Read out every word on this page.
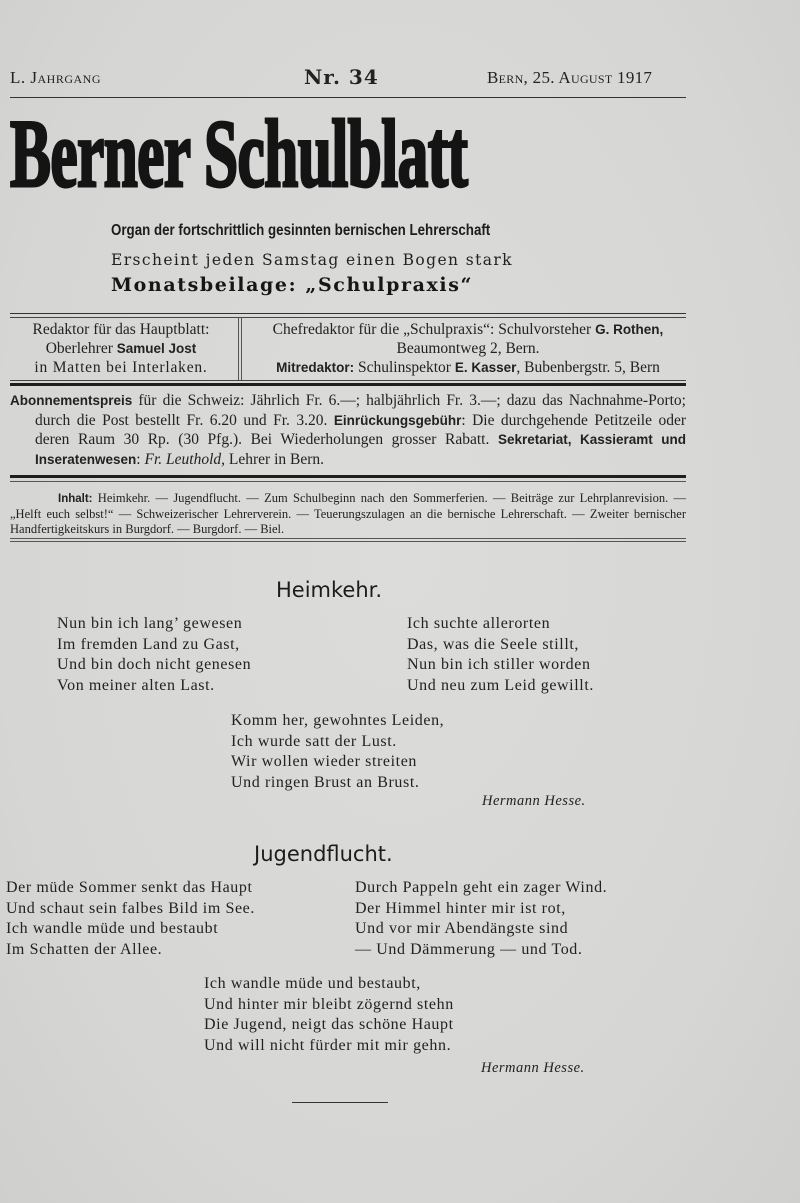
L. Jahrgang	Nr. 34	Bern, 25. August 1917
Berner Schulblatt
Organ der fortschrittlich gesinnten bernischen Lehrerschaft
Erscheint jeden Samstag einen Bogen stark
Monatsbeilage: „Schulpraxis“
Redaktor für das Hauptblatt:
Oberlehrer Samuel Jost
in Matten bei Interlaken.
Chefredaktor für die „Schulpraxis“: Schulvorsteher G. Rothen,
Beaumontweg 2, Bern.
Mitredaktor: Schulinspektor E. Kasser, Bubenbergstr. 5, Bern

Abonnementspreis für die Schweiz: Jährlich Fr. 6.—; halbjährlich Fr. 3.—; dazu das Nachnahme-Porto; durch die Post bestellt Fr. 6.20 und Fr. 3.20. Einrückungsgebühr: Die durchgehende Petitzeile oder deren Raum 30 Rp. (30 Pfg.). Bei Wiederholungen grosser Rabatt. Sekretariat, Kassieramt und Inseratenwesen: Fr. Leuthold, Lehrer in Bern.

Inhalt: Heimkehr. — Jugendflucht. — Zum Schulbeginn nach den Sommerferien. — Beiträge zur Lehrplanrevision. — „Helft euch selbst!“ — Schweizerischer Lehrerverein. — Teuerungszulagen an die bernische Lehrerschaft. — Zweiter bernischer Handfertigkeitskurs in Burgdorf. — Burgdorf. — Biel.

Heimkehr.
Nun bin ich lang’ gewesen
Im fremden Land zu Gast,
Und bin doch nicht genesen
Von meiner alten Last.
Ich suchte allerorten
Das, was die Seele stillt,
Nun bin ich stiller worden
Und neu zum Leid gewillt.
Komm her, gewohntes Leiden,
Ich wurde satt der Lust.
Wir wollen wieder streiten
Und ringen Brust an Brust.
Hermann Hesse.
Jugendflucht.
Der müde Sommer senkt das Haupt
Und schaut sein falbes Bild im See.
Ich wandle müde und bestaubt
Im Schatten der Allee.
Durch Pappeln geht ein zager Wind.
Der Himmel hinter mir ist rot,
Und vor mir Abendängste sind
— Und Dämmerung — und Tod.
Ich wandle müde und bestaubt,
Und hinter mir bleibt zögernd stehn
Die Jugend, neigt das schöne Haupt
Und will nicht fürder mit mir gehn.
Hermann Hesse.
